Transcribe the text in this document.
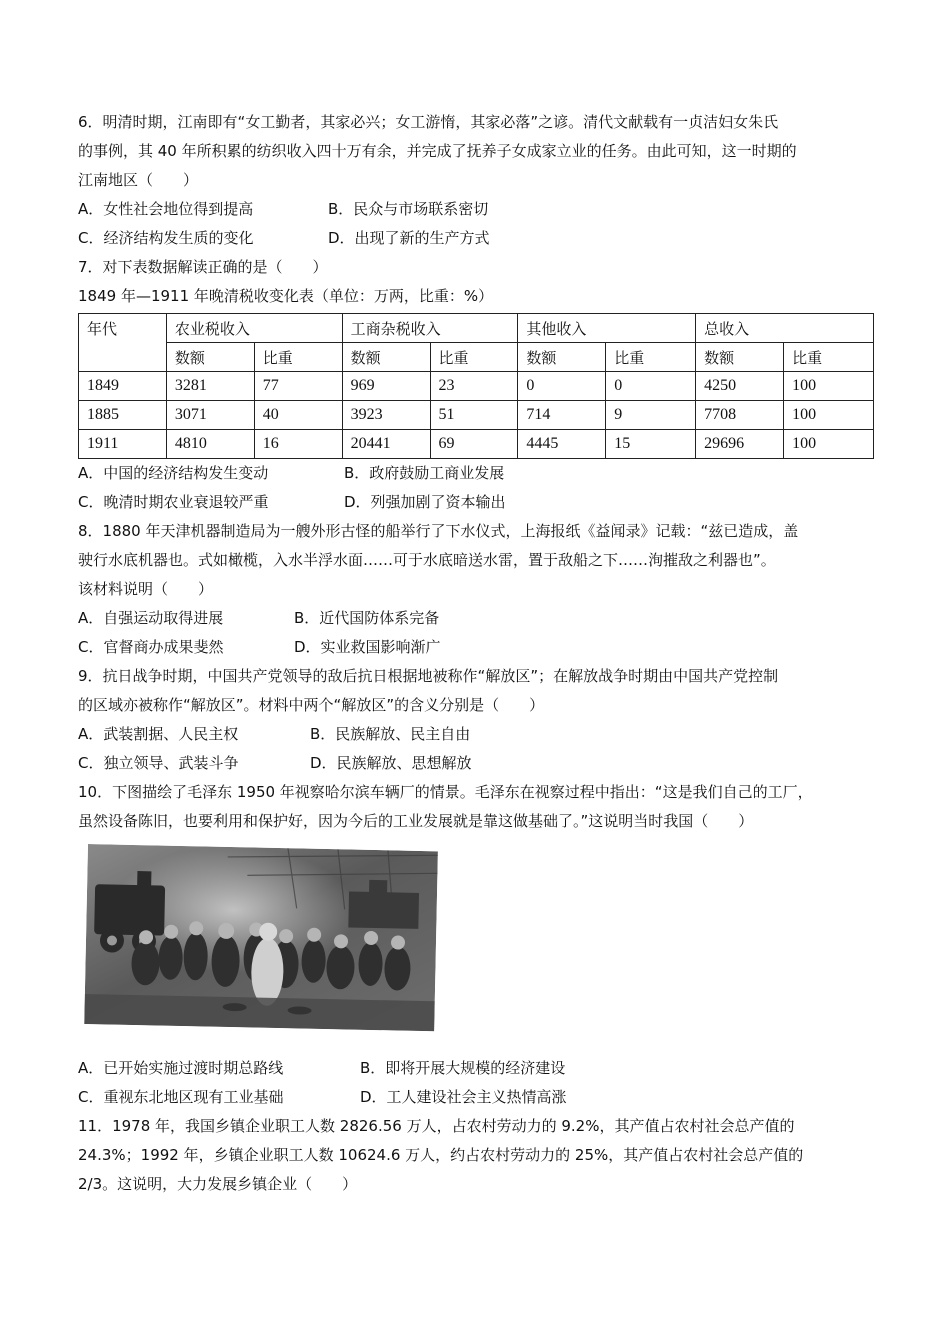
6．明清时期，江南即有“女工勤者，其家必兴；女工游惰，其家必落”之谚。清代文献载有一贞洁妇女朱氏
的事例，其 40 年所积累的纺织收入四十万有余，并完成了抚养子女成家立业的任务。由此可知，这一时期的
江南地区（　　）
A．女性社会地位得到提高	B．民众与市场联系密切
C．经济结构发生质的变化	D．出现了新的生产方式
7．对下表数据解读正确的是（　　）
1849 年—1911 年晚清税收变化表（单位：万两，比重：%）
年代	农业税收入		工商杂税收入		其他收入		总收入	
	数额	比重	数额	比重	数额	比重	数额	比重
1849	3281	77	969	23	0	0	4250	100
1885	3071	40	3923	51	714	9	7708	100
1911	4810	16	20441	69	4445	15	29696	100
A．中国的经济结构发生变动	B．政府鼓励工商业发展
C．晚清时期农业衰退较严重	D．列强加剧了资本输出
8．1880 年天津机器制造局为一艘外形古怪的船举行了下水仪式，上海报纸《益闻录》记载：“兹已造成，盖
驶行水底机器也。式如橄榄，入水半浮水面……可于水底暗送水雷，置于敌船之下……洵摧敌之利器也”。
该材料说明（　　）
A．自强运动取得进展	B．近代国防体系完备
C．官督商办成果斐然	D．实业救国影响渐广
9．抗日战争时期，中国共产党领导的敌后抗日根据地被称作“解放区”；在解放战争时期由中国共产党控制
的区域亦被称作“解放区”。材料中两个“解放区”的含义分别是（　　）
A．武装割据、人民主权	B．民族解放、民主自由
C．独立领导、武装斗争	D．民族解放、思想解放
10．下图描绘了毛泽东 1950 年视察哈尔滨车辆厂的情景。毛泽东在视察过程中指出：“这是我们自己的工厂，
虽然设备陈旧，也要利用和保护好，因为今后的工业发展就是靠这做基础了。”这说明当时我国（　　）
A．已开始实施过渡时期总路线	B．即将开展大规模的经济建设
C．重视东北地区现有工业基础	D．工人建设社会主义热情高涨
11．1978 年，我国乡镇企业职工人数 2826.56 万人，占农村劳动力的 9.2%，其产值占农村社会总产值的
24.3%；1992 年，乡镇企业职工人数 10624.6 万人，约占农村劳动力的 25%，其产值占农村社会总产值的
2/3。这说明，大力发展乡镇企业（　　）
